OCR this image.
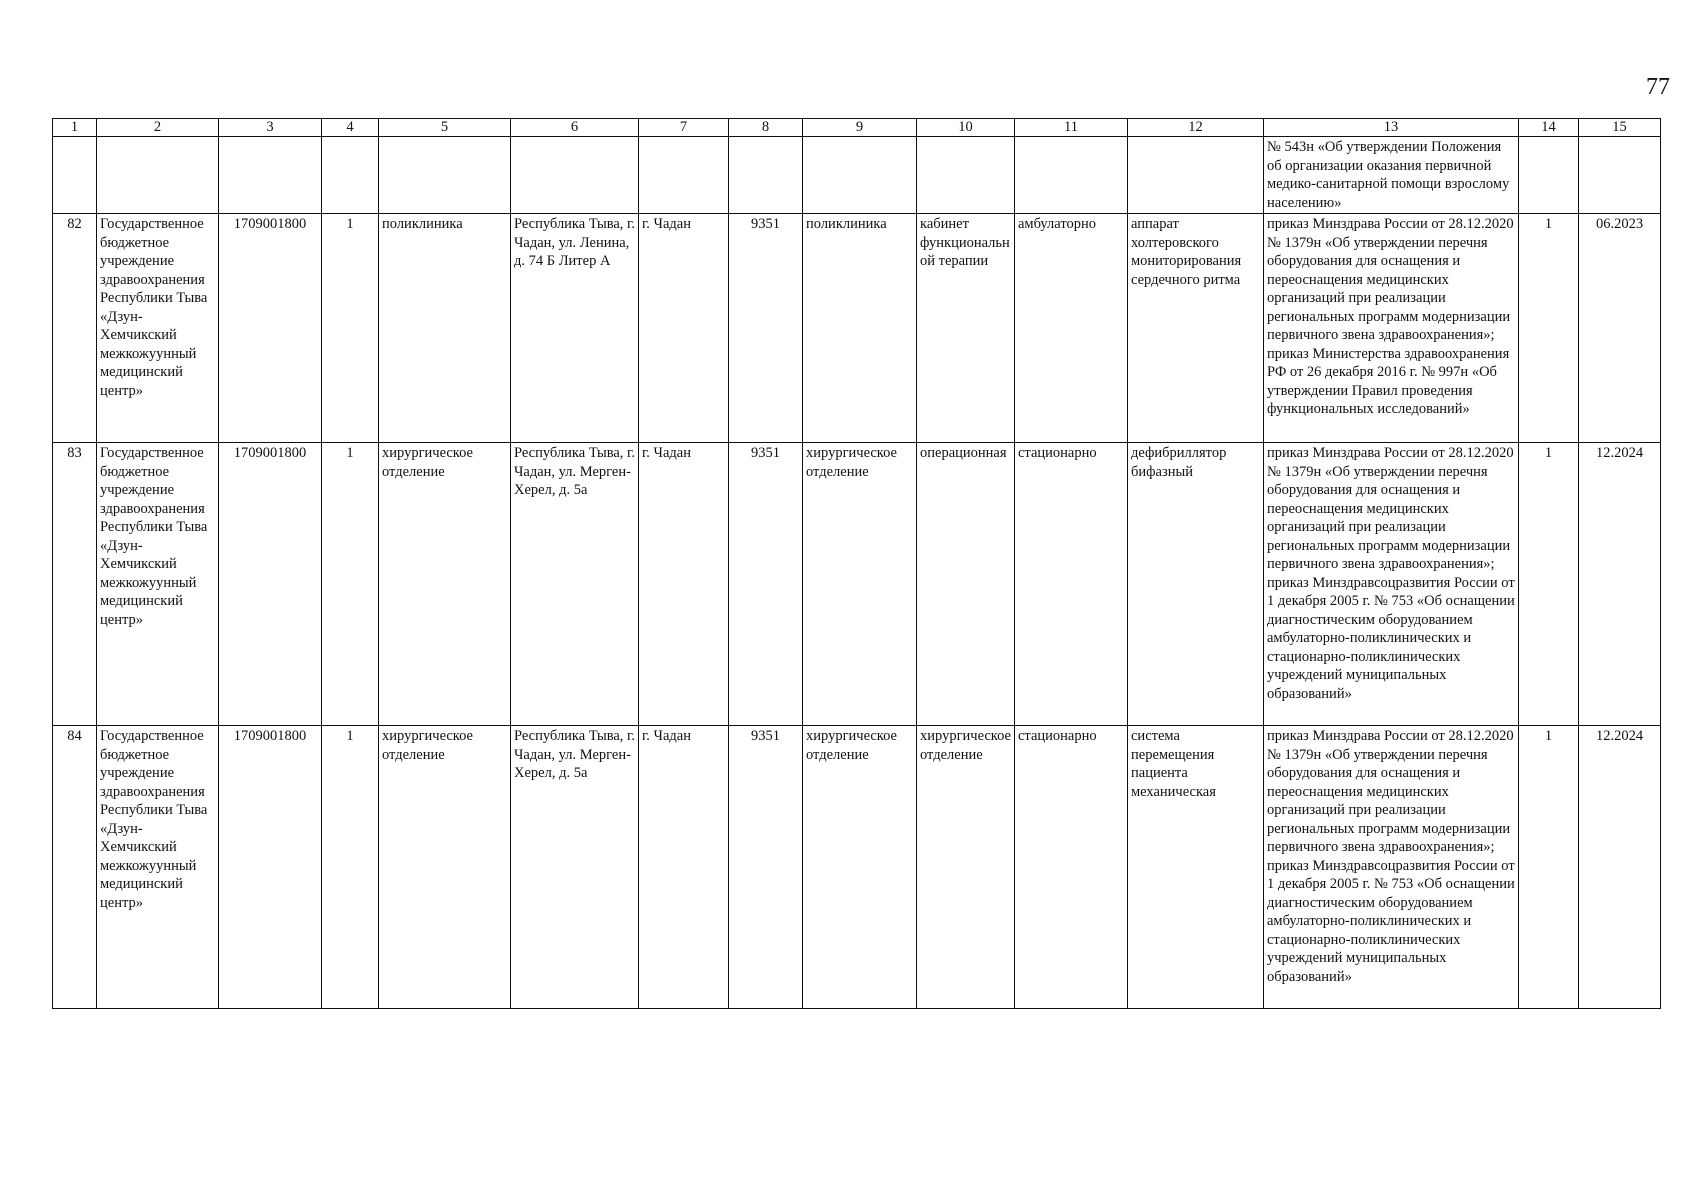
77
1	2	3	4	5	6	7	8	9	10	11	12	13	14	15
												№ 543н «Об утверждении Положения об организации оказания первичной медико-санитарной помощи взрослому населению»		
82	Государственное бюджетное учреждение здравоохранения Республики Тыва «Дзун-Хемчикский межкожуунный медицинский центр»	1709001800	1	поликлиника	Республика Тыва, г. Чадан, ул. Ленина, д. 74 Б Литер А	г. Чадан	9351	поликлиника	кабинет функциональной терапии	амбулаторно	аппарат холтеровского мониторирования сердечного ритма	приказ Минздрава России от 28.12.2020 № 1379н «Об утверждении перечня оборудования для оснащения и переоснащения медицинских организаций при реализации региональных программ модернизации первичного звена здравоохранения»; приказ Министерства здравоохранения РФ от 26 декабря 2016 г. № 997н «Об утверждении Правил проведения функциональных исследований»	1	06.2023
83	Государственное бюджетное учреждение здравоохранения Республики Тыва «Дзун-Хемчикский межкожуунный медицинский центр»	1709001800	1	хирургическое отделение	Республика Тыва, г. Чадан, ул. Мерген-Херел, д. 5а	г. Чадан	9351	хирургическое отделение	операционная	стационарно	дефибриллятор бифазный	приказ Минздрава России от 28.12.2020 № 1379н «Об утверждении перечня оборудования для оснащения и переоснащения медицинских организаций при реализации региональных программ модернизации первичного звена здравоохранения»; приказ Минздравсоцразвития России от 1 декабря 2005 г. № 753 «Об оснащении диагностическим оборудованием амбулаторно-поликлинических и стационарно-поликлинических учреждений муниципальных образований»	1	12.2024
84	Государственное бюджетное учреждение здравоохранения Республики Тыва «Дзун-Хемчикский межкожуунный медицинский центр»	1709001800	1	хирургическое отделение	Республика Тыва, г. Чадан, ул. Мерген-Херел, д. 5а	г. Чадан	9351	хирургическое отделение	хирургическое отделение	стационарно	система перемещения пациента механическая	приказ Минздрава России от 28.12.2020 № 1379н «Об утверждении перечня оборудования для оснащения и переоснащения медицинских организаций при реализации региональных программ модернизации первичного звена здравоохранения»; приказ Минздравсоцразвития России от 1 декабря 2005 г. № 753 «Об оснащении диагностическим оборудованием амбулаторно-поликлинических и стационарно-поликлинических учреждений муниципальных образований»	1	12.2024
